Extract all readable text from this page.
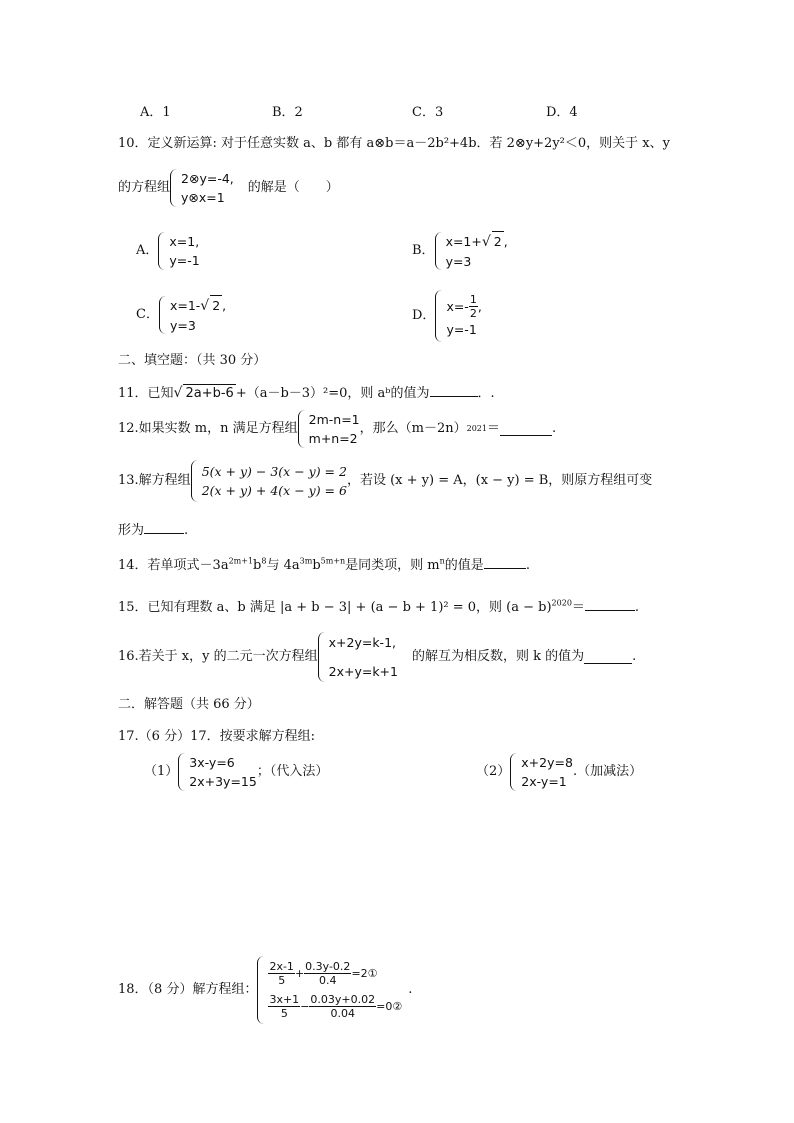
A．1	B．2	C．3	D．4
10．定义新运算: 对于任意实数 a、b 都有 a⊗b＝a－2b²+4b．若 2⊗y+2y²＜0，则关于 x、y
的方程组
2⊗y=-4,
y⊗x=1
的解是（　　）
A．
x=1,
y=-1
B．
x=1+√ 2 ,
y=3
C．
x=1-√ 2 ,
y=3
D．
$x=- \frac{1}{2}$ ,
y=-1
二、填空题：（共 30 分）
11．已知√ 2a+b-6 +（a－b－3）²=0，则 aᵇ的值为	．.
12.如果实数 m，n 满足方程组
2m-n=1
m+n=2
，那么（m－2n） 2021 ＝	.
13.解方程组
5(x + y) − 3(x − y) = 2
2(x + y) + 4(x − y) = 6
，若设 (x + y) = A，(x − y) = B，则原方程组可变
形为	.
14．若单项式$-3a^{2m+1}b^8$与 $4a^{3m}b^{5m+n}$是同类项，则 $m^n$的值是	.
15．已知有理数 a、b 满足 |a + b − 3| + (a − b + 1)² = 0，则 $(a - b)^{2020}=$	.
16.若关于 x，y 的二元一次方程组
x+2y=k-1,
2x+y=k+1
的解互为相反数，则 k 的值为	.
二．解答题（共 66 分）
17.（6 分）17．按要求解方程组:
（1）
3x-y=6
2x+3y=15
；（代入法）	（2）
x+2y=8
2x-y=1
.（加减法）
18．（8 分）解方程组：
$\frac{2x-1}{5} + \frac{0.3y-0.2}{0.4}$ =2①
$\frac{3x+1}{5} - \frac{0.03y+0.02}{0.04}$ =0②
.
